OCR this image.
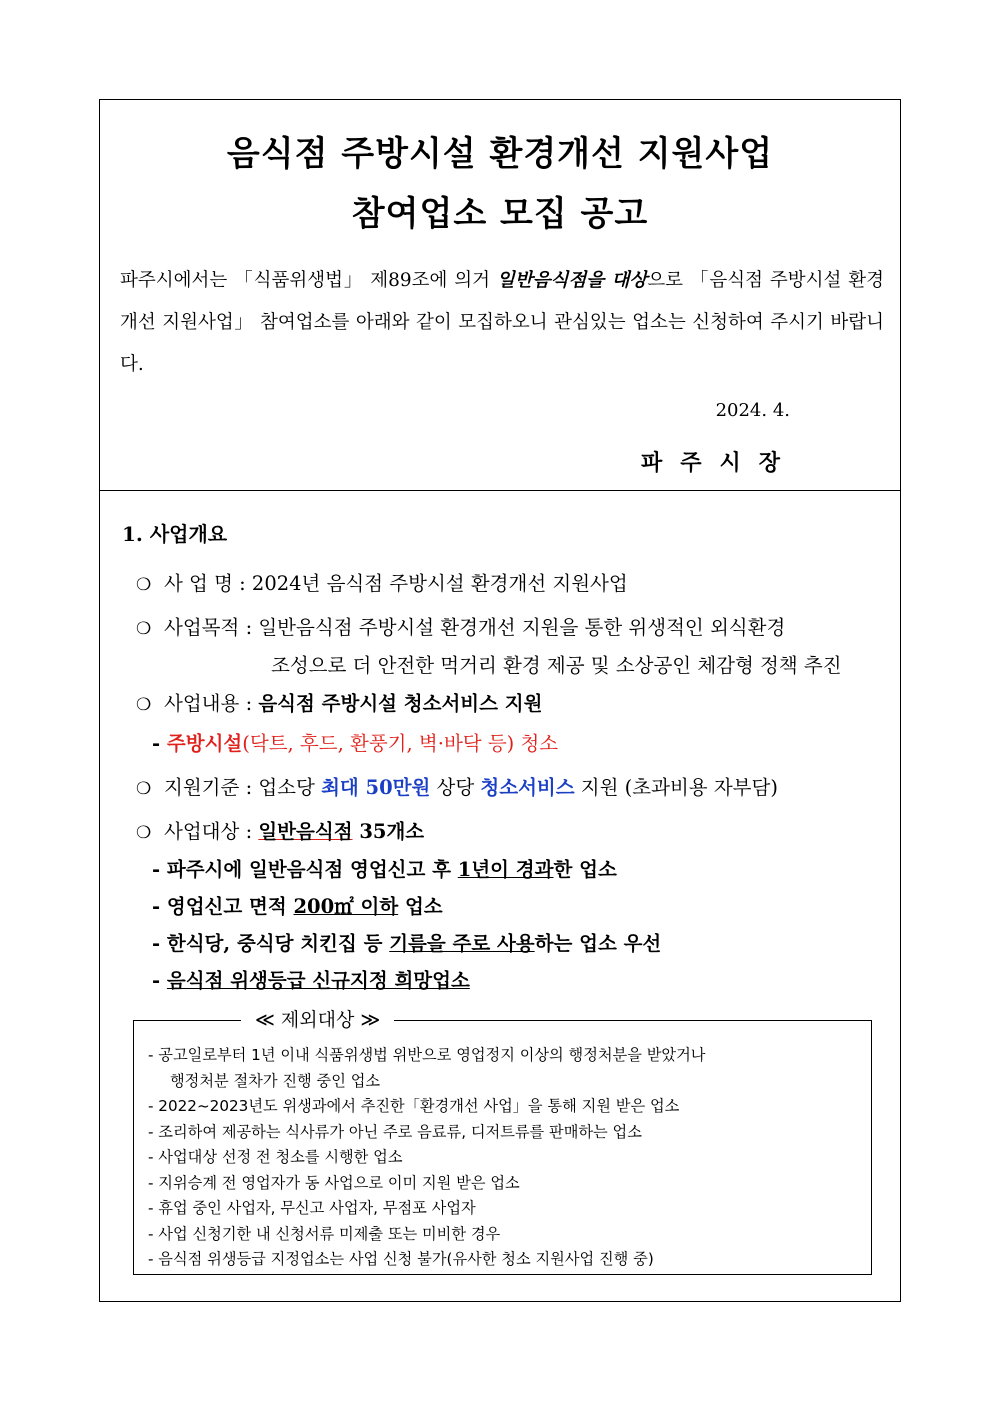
음식점 주방시설 환경개선 지원사업
참여업소 모집 공고
파주시에서는 「식품위생법」 제89조에 의거 일반음식점을 대상으로 「음식점 주방시설 환경개선 지원사업」 참여업소를 아래와 같이 모집하오니 관심있는 업소는 신청하여 주시기 바랍니다.
2024. 4.
파주시장
1. 사업개요
❍ 사 업 명 : 2024년 음식점 주방시설 환경개선 지원사업
❍ 사업목적 : 일반음식점 주방시설 환경개선 지원을 통한 위생적인 외식환경
조성으로 더 안전한 먹거리 환경 제공 및 소상공인 체감형 정책 추진
❍ 사업내용 : 음식점 주방시설 청소서비스 지원
- 주방시설(닥트, 후드, 환풍기, 벽·바닥 등) 청소
❍ 지원기준 : 업소당 최대 50만원 상당 청소서비스 지원 (초과비용 자부담)
❍ 사업대상 : 일반음식점 35개소
- 파주시에 일반음식점 영업신고 후 1년이 경과한 업소
- 영업신고 면적 200㎡ 이하 업소
- 한식당, 중식당 치킨집 등 기름을 주로 사용하는 업소 우선
- 음식점 위생등급 신규지정 희망업소
≪ 제외대상 ≫
- 공고일로부터 1년 이내 식품위생법 위반으로 영업정지 이상의 행정처분을 받았거나
행정처분 절차가 진행 중인 업소
- 2022~2023년도 위생과에서 추진한「환경개선 사업」을 통해 지원 받은 업소
- 조리하여 제공하는 식사류가 아닌 주로 음료류, 디저트류를 판매하는 업소
- 사업대상 선정 전 청소를 시행한 업소
- 지위승계 전 영업자가 동 사업으로 이미 지원 받은 업소
- 휴업 중인 사업자, 무신고 사업자, 무점포 사업자
- 사업 신청기한 내 신청서류 미제출 또는 미비한 경우
- 음식점 위생등급 지정업소는 사업 신청 불가(유사한 청소 지원사업 진행 중)
